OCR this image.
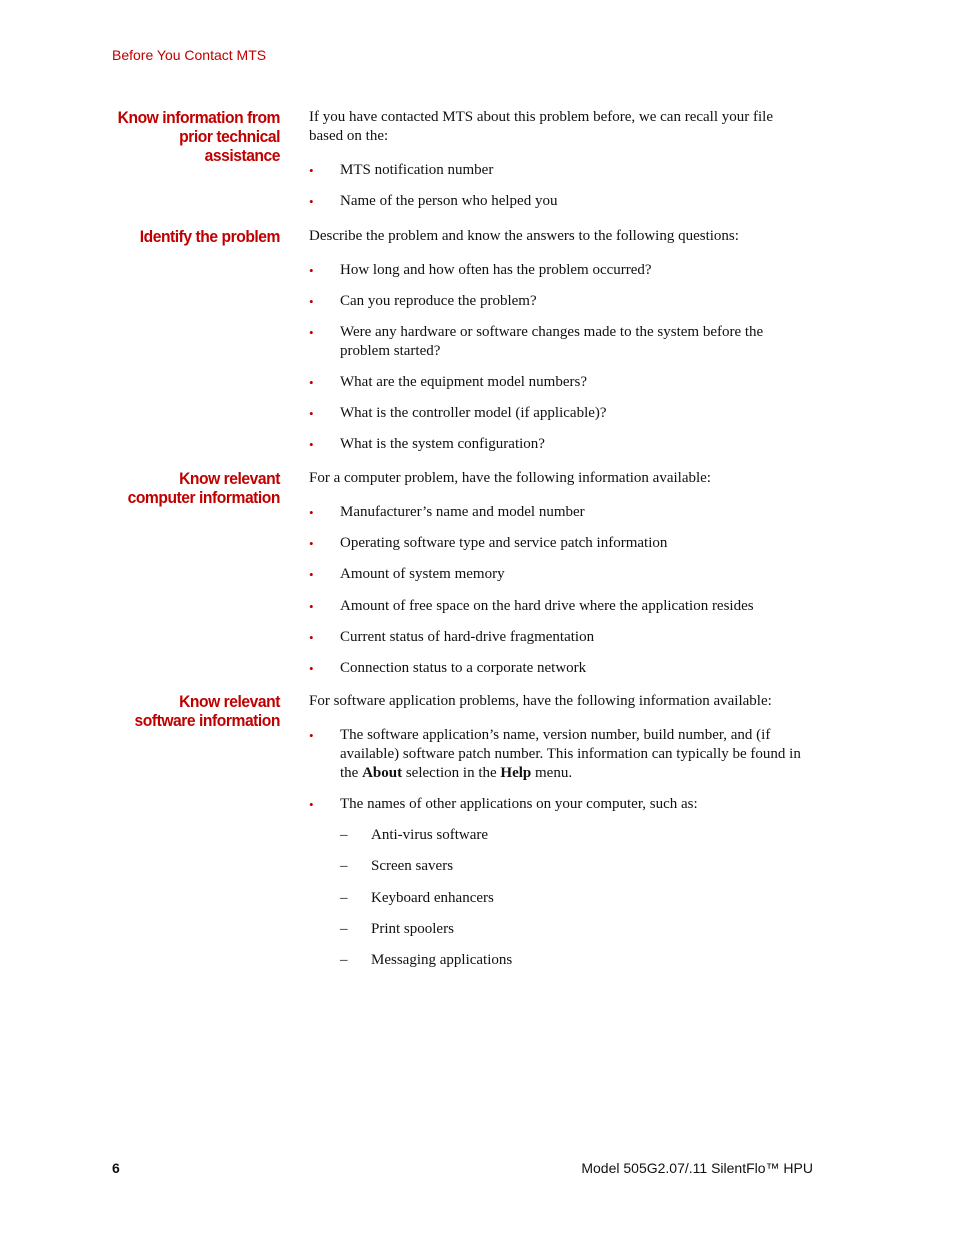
Before You Contact MTS
Know information from
prior technical
assistance

If you have contacted MTS about this problem before, we can recall your file based on the:

• MTS notification number
• Name of the person who helped you
Identify the problem Describe the problem and know the answers to the following questions:

• How long and how often has the problem occurred?
• Can you reproduce the problem?
• Were any hardware or software changes made to the system before the problem started?
• What are the equipment model numbers?
• What is the controller model (if applicable)?
• What is the system configuration?
Know relevant
computer information

For a computer problem, have the following information available:

• Manufacturer’s name and model number
• Operating software type and service patch information
• Amount of system memory
• Amount of free space on the hard drive where the application resides
• Current status of hard-drive fragmentation
• Connection status to a corporate network
Know relevant
software information

For software application problems, have the following information available:

• The software application’s name, version number, build number, and (if available) software patch number. This information can typically be found in the About selection in the Help menu.
• The names of other applications on your computer, such as:
– Anti-virus software
– Screen savers
– Keyboard enhancers
– Print spoolers
– Messaging applications
6	Model 505G2.07/.11 SilentFlo™ HPU
